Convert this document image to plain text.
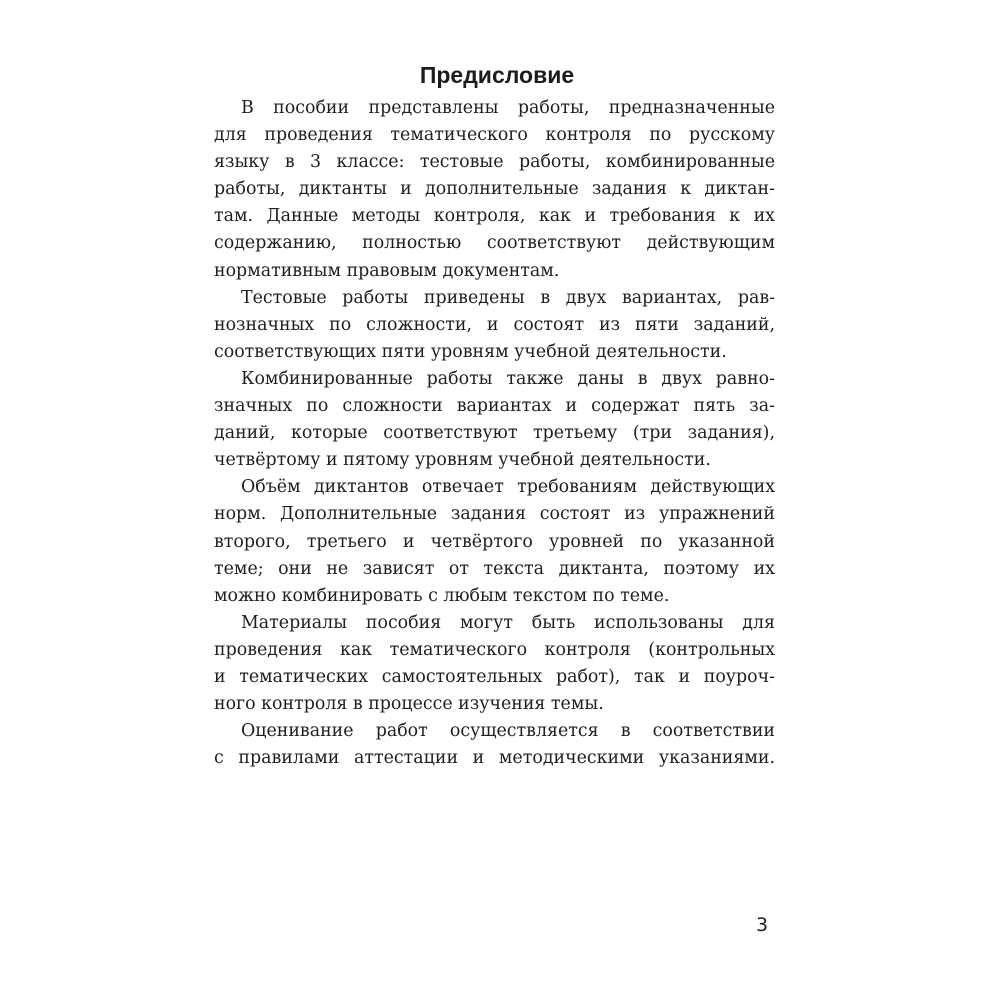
Предисловие

В пособии представлены работы, предназначенные
для проведения тематического контроля по русскому
языку в 3 классе: тестовые работы, комбинированные
работы, диктанты и дополнительные задания к диктан-
там. Данные методы контроля, как и требования к их
содержанию, полностью соответствуют действующим
нормативным правовым документам.

Тестовые работы приведены в двух вариантах, рав-
нозначных по сложности, и состоят из пяти заданий,
соответствующих пяти уровням учебной деятельности.

Комбинированные работы также даны в двух равно-
значных по сложности вариантах и содержат пять за-
даний, которые соответствуют третьему (три задания),
четвёртому и пятому уровням учебной деятельности.

Объём диктантов отвечает требованиям действующих
норм. Дополнительные задания состоят из упражнений
второго, третьего и четвёртого уровней по указанной
теме; они не зависят от текста диктанта, поэтому их
можно комбинировать с любым текстом по теме.

Материалы пособия могут быть использованы для
проведения как тематического контроля (контрольных
и тематических самостоятельных работ), так и поуроч-
ного контроля в процессе изучения темы.

Оценивание работ осуществляется в соответствии
с правилами аттестации и методическими указаниями.

3
